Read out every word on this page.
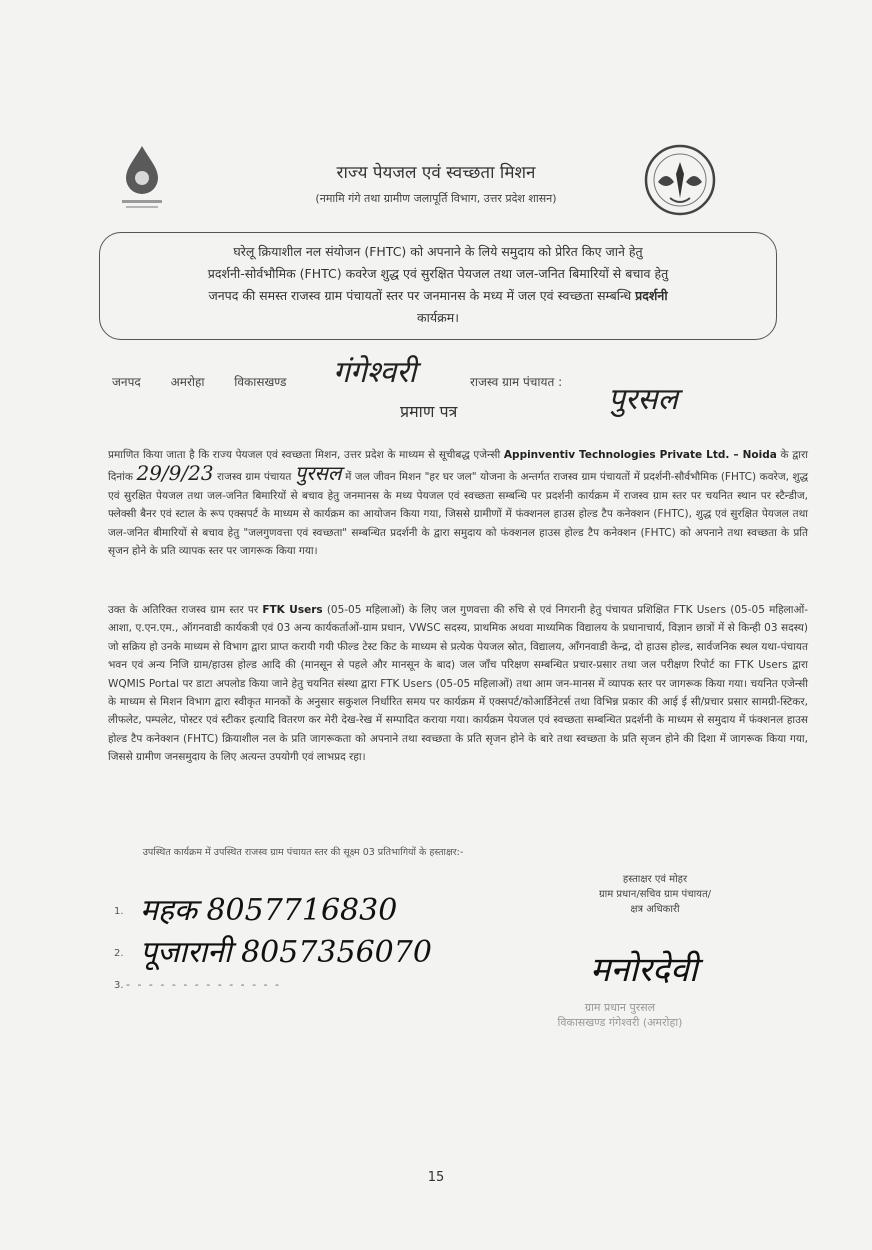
राज्य पेयजल एवं स्वच्छता मिशन
(नमामि गंगे तथा ग्रामीण जलापूर्ति विभाग, उत्तर प्रदेश शासन)
घरेलू क्रियाशील नल संयोजन (FHTC) को अपनाने के लिये समुदाय को प्रेरित किए जाने हेतु
प्रदर्शनी-सोर्वभौमिक (FHTC) कवरेज शुद्ध एवं सुरक्षित पेयजल तथा जल-जनित बिमारियों से बचाव हेतु
जनपद की समस्त राजस्व ग्राम पंचायतों स्तर पर जनमानस के मध्य में जल एवं स्वच्छता सम्बन्धि प्रदर्शनी
कार्यक्रम।
जनपद अमरोहा विकासखण्ड	गंगेश्वरी	राजस्व ग्राम पंचायत : पुरसल
प्रमाण पत्र
प्रमाणित किया जाता है कि राज्य पेयजल एवं स्वच्छता मिशन, उत्तर प्रदेश के माध्यम से सूचीबद्ध एजेन्सी Appinventiv Technologies Private Ltd. – Noida के द्वारा दिनांक 29/9/23 राजस्व ग्राम पंचायत पुरसल में जल जीवन मिशन "हर घर जल" योजना के अन्तर्गत राजस्व ग्राम पंचायतों में प्रदर्शनी-सौर्वभौमिक (FHTC) कवरेज, शुद्ध एवं सुरक्षित पेयजल तथा जल-जनित बिमारियों से बचाव हेतु जनमानस के मध्य पेयजल एवं स्वच्छता सम्बन्धि पर प्रदर्शनी कार्यक्रम में राजस्व ग्राम स्तर पर चयनित स्थान पर स्टैन्डीज, फ्लेक्सी बैनर एवं स्टाल के रूप एक्सपर्ट के माध्यम से कार्यक्रम का आयोजन किया गया, जिससे ग्रामीणों में फंक्शनल हाउस होल्ड टैप कनेक्शन (FHTC), शुद्ध एवं सुरक्षित पेयजल तथा जल-जनित बीमारियों से बचाव हेतु "जलगुणवत्ता एवं स्वच्छता" सम्बन्धित प्रदर्शनी के द्वारा समुदाय को फंक्शनल हाउस होल्ड टैप कनेक्शन (FHTC) को अपनाने तथा स्वच्छता के प्रति सृजन होने के प्रति व्यापक स्तर पर जागरूक किया गया।
उक्त के अतिरिक्त राजस्व ग्राम स्तर पर FTK Users (05-05 महिलाओं) के लिए जल गुणवत्ता की रुचि से एवं निगरानी हेतु पंचायत प्रशिक्षित FTK Users (05-05 महिलाओं-आशा, ए.एन.एम., ऑगनवाडी कार्यकत्री एवं 03 अन्य कार्यकर्ताओं-ग्राम प्रधान, VWSC सदस्य, प्राथमिक अथवा माध्यमिक विद्यालय के प्रधानाचार्य, विज्ञान छात्रों में से किन्ही 03 सदस्य) जो सक्रिय हो उनके माध्यम से विभाग द्वारा प्राप्त करायी गयी फील्ड टेस्ट किट के माध्यम से प्रत्येक पेयजल स्रोत, विद्यालय, आँगनवाडी केन्द्र, दो हाउस होल्ड, सार्वजनिक स्थल यथा-पंचायत भवन एवं अन्य निजि ग्राम/हाउस होल्ड आदि की (मानसून से पहले और मानसून के बाद) जल जाँच परिक्षण सम्बन्धित प्रचार-प्रसार तथा जल परीक्षण रिपोर्ट का FTK Users द्वारा WQMIS Portal पर डाटा अपलोड किया जाने हेतु चयनित संस्था द्वारा FTK Users (05-05 महिलाओं) तथा आम जन-मानस में व्यापक स्तर पर जागरूक किया गया। चयनित एजेन्सी के माध्यम से मिशन विभाग द्वारा स्वीकृत मानकों के अनुसार सकुशल निर्धारित समय पर कार्यक्रम में एक्सपर्ट/कोआर्डिनेटर्स तथा विभिन्न प्रकार की आई ई सी/प्रचार प्रसार सामग्री-स्टिकर, लीफलेट, पम्पलेट, पोस्टर एवं स्टीकर इत्यादि वितरण कर मेरी देख-रेख में सम्पादित कराया गया। कार्यक्रम पेयजल एवं स्वच्छता सम्बन्धित प्रदर्शनी के माध्यम से समुदाय में फंक्शनल हाउस होल्ड टैप कनेक्शन (FHTC) क्रियाशील नल के प्रति जागरूकता को अपनाने तथा स्वच्छता के प्रति सृजन होने के बारे तथा स्वच्छता के प्रति सृजन होने की दिशा में जागरूक किया गया, जिससे ग्रामीण जनसमुदाय के लिए अत्यन्त उपयोगी एवं लाभप्रद रहा।
उपस्थित कार्यक्रम में उपस्थित राजस्व ग्राम पंचायत स्तर की सूक्ष्म 03 प्रतिभागियों के हस्ताक्षर:-
1. महक 8057716830
2. पूजारानी 8057356070
3. - - - - - - - - - - - - - -
हस्ताक्षर एवं मोहर
ग्राम प्रधान/सचिव ग्राम पंचायत/
क्षत्र अधिकारी
मनोरदेवी
ग्राम प्रधान पुरसल
विकासखण्ड गंगेश्वरी (अमरोहा)
15
